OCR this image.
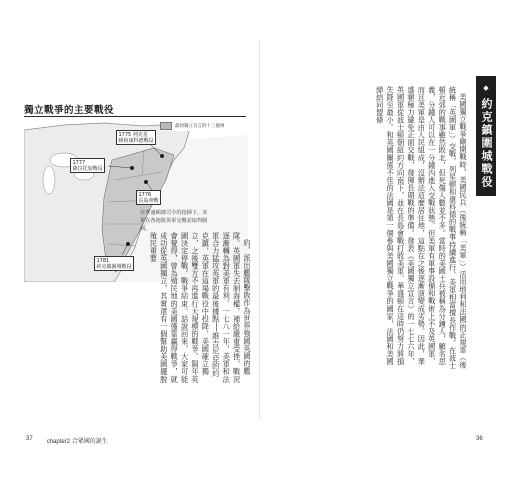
獨立戰爭的主要戰役
最初獨立宣言的十三個州
1775 列克星
頓和康科德戰役
1777
薩拉托加戰役
1776
長島會戰
1781
約克鎮圍城戰役
在華盛頓總司令的指揮下，美軍在各地與英軍交戰並取得勝利。

約，派出艦隊擊敗作為世界強國英國的艦隊。英國軍失去制海權，補給嚴重受挫，戰況逐漸轉為對美軍有利。一七八一年，美軍和法軍合力猛攻英軍的最後據點──維吉尼亞的約克鎮，英軍在這場戰役中投降，美國確立獨立，之後雙方不再進行大規模的戰爭。隔年英國決定停戰，戰爭結束。話說回來，大家可能會覺得，曾為殖民地的美國僅靠贏得戰爭，就成功從英國獨立，其實還有一個幫助美國擺脫殖民重要

◆
約克鎮圍城戰役

美國獨立戰爭剛開戰時，美國民兵（後統稱「美軍」）活用地利和法國的正規軍（後統稱「英國軍」）交戰，列星頓和康科德的戰事持續進行，美軍相當擅長作戰，在波士頓近郊的戰事雖然敗北，但死傷人數並不多。當時的美國士兵被稱為分鐘人，顧名思義，分鐘人可以在一分鐘內進入交戰狀態。但美軍有軍事設備和戰術上不及英國軍，而且美軍是由人民組成，沒辦法這麼居住地，這點在之後逐漸演變成劣勢。因此，華盛頓極力避免正面交戰，發揮長期戰的準備。發表《美國獨立宣言》的一七七六年，英國軍從波士頓朝紐約方向南下，並在長島會戰打敗美軍。華盛頓在這時仍努力將損失降至最小。和英國關係不佳的法國是第一個參與美國獨立戰爭的國家，法國和美國締結同盟條

37 chapter2 合眾國的誕生	36
